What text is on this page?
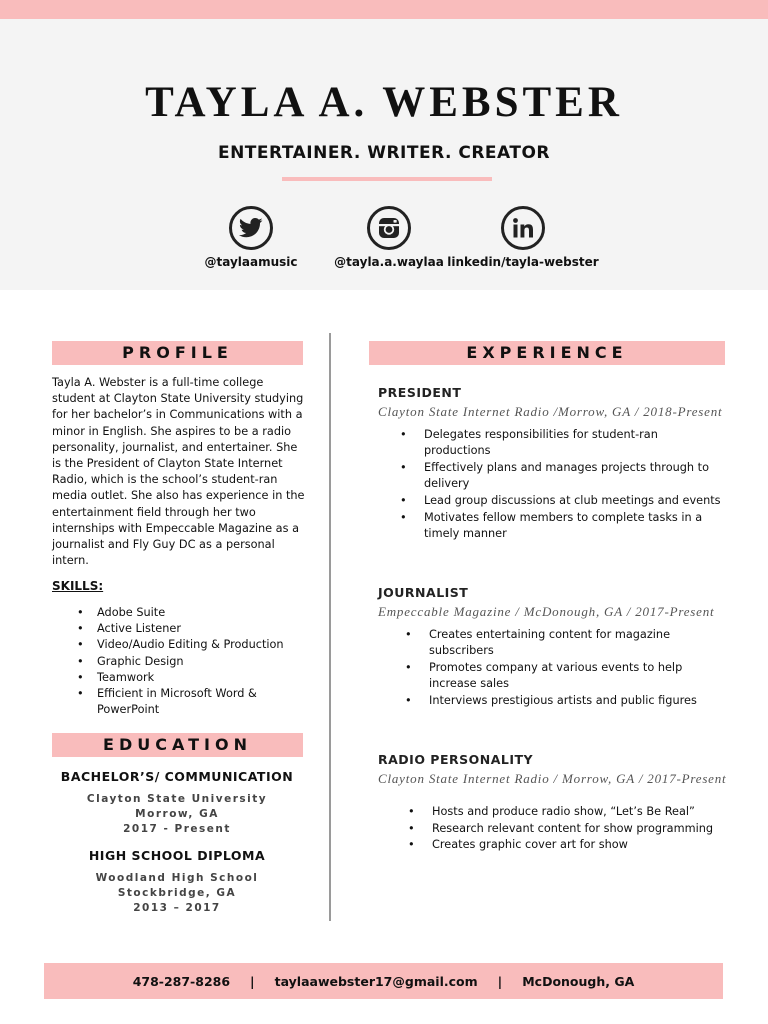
TAYLA A. WEBSTER
ENTERTAINER. WRITER. CREATOR
@taylaamusic	@tayla.a.waylaa linkedin/tayla-webster
PROFILE	EXPERIENCE
EDUCATION
Tayla A. Webster is a full-time college student at Clayton State University studying for her bachelor’s in Communications with a minor in English. She aspires to be a radio personality, journalist, and entertainer. She is the President of Clayton State Internet Radio, which is the school’s student-ran media outlet. She also has experience in the entertainment field through her two internships with Empeccable Magazine as a journalist and Fly Guy DC as a personal intern.
SKILLS:
• Adobe Suite
• Active Listener
• Video/Audio Editing & Production
• Graphic Design
• Teamwork
• Efficient in Microsoft Word & PowerPoint
BACHELOR’S/ COMMUNICATION
Clayton State University
Morrow, GA
2017 - Present
HIGH SCHOOL DIPLOMA
Woodland High School
Stockbridge, GA
2013 – 2017
PRESIDENT
Clayton State Internet Radio /Morrow, GA / 2018-Present
• Delegates responsibilities for student-ran productions
• Effectively plans and manages projects through to delivery
• Lead group discussions at club meetings and events
• Motivates fellow members to complete tasks in a timely manner
JOURNALIST
Empeccable Magazine / McDonough, GA / 2017-Present
• Creates entertaining content for magazine subscribers
• Promotes company at various events to help increase sales
• Interviews prestigious artists and public figures
RADIO PERSONALITY
Clayton State Internet Radio / Morrow, GA / 2017-Present
• Hosts and produce radio show, “Let’s Be Real”
• Research relevant content for show programming
• Creates graphic cover art for show
478-287-8286 | taylaawebster17@gmail.com | McDonough, GA
